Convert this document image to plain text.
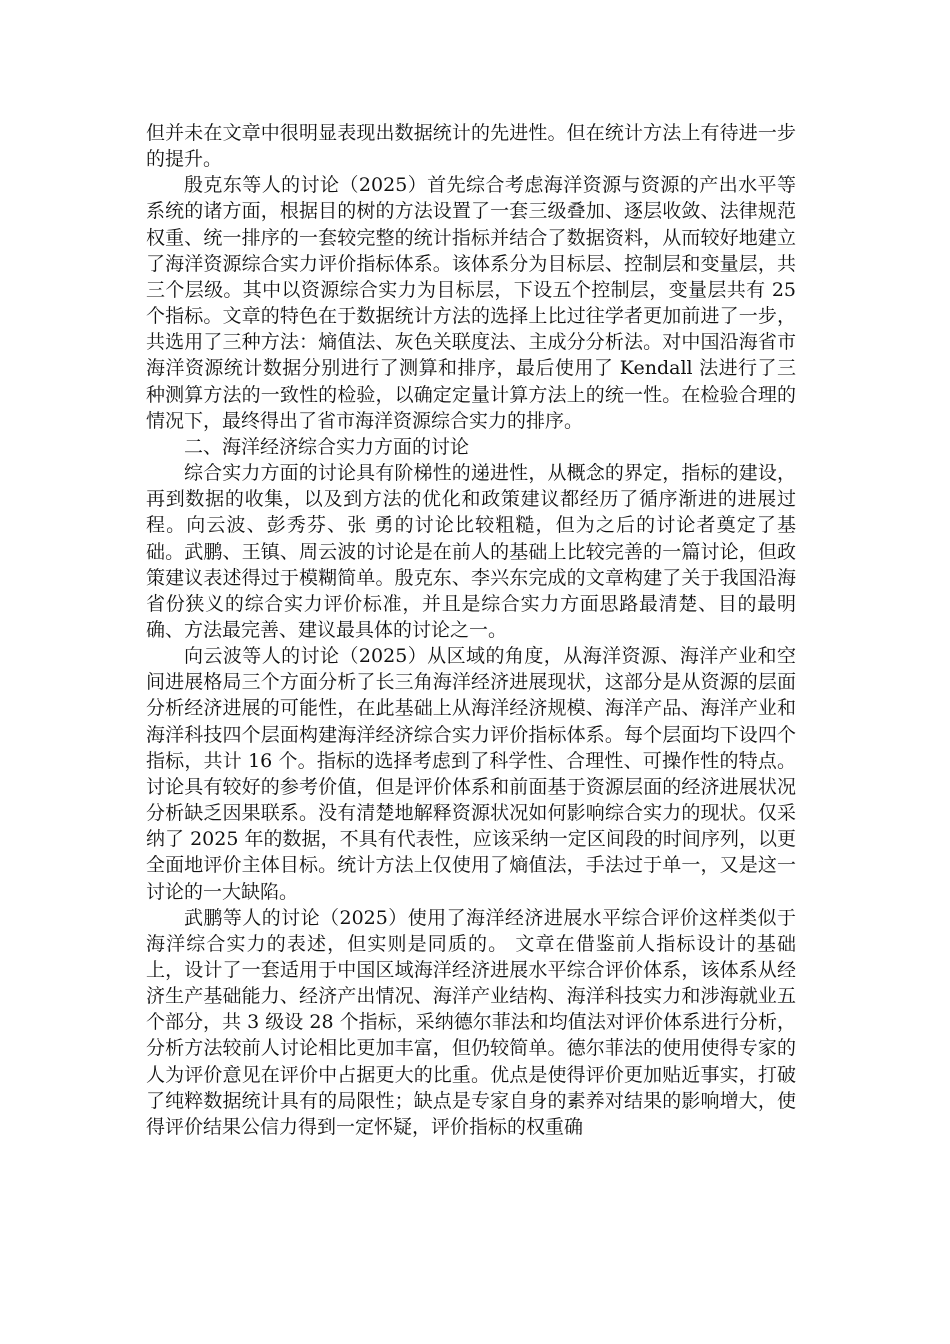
但并未在文章中很明显表现出数据统计的先进性。但在统计方法上有待进一步的提升。

殷克东等人的讨论（2025）首先综合考虑海洋资源与资源的产出水平等系统的诸方面，根据目的树的方法设置了一套三级叠加、逐层收敛、法律规范权重、统一排序的一套较完整的统计指标并结合了数据资料，从而较好地建立了海洋资源综合实力评价指标体系。该体系分为目标层、控制层和变量层，共三个层级。其中以资源综合实力为目标层，下设五个控制层，变量层共有 25 个指标。文章的特色在于数据统计方法的选择上比过往学者更加前进了一步，共选用了三种方法：熵值法、灰色关联度法、主成分分析法。对中国沿海省市海洋资源统计数据分别进行了测算和排序，最后使用了 Kendall 法进行了三种测算方法的一致性的检验，以确定定量计算方法上的统一性。在检验合理的情况下，最终得出了省市海洋资源综合实力的排序。

二、海洋经济综合实力方面的讨论

综合实力方面的讨论具有阶梯性的递进性，从概念的界定，指标的建设，再到数据的收集，以及到方法的优化和政策建议都经历了循序渐进的进展过程。向云波、彭秀芬、张 勇的讨论比较粗糙，但为之后的讨论者奠定了基础。武鹏、王镇、周云波的讨论是在前人的基础上比较完善的一篇讨论，但政策建议表述得过于模糊简单。殷克东、李兴东完成的文章构建了关于我国沿海省份狭义的综合实力评价标准，并且是综合实力方面思路最清楚、目的最明确、方法最完善、建议最具体的讨论之一。

向云波等人的讨论（2025）从区域的角度，从海洋资源、海洋产业和空间进展格局三个方面分析了长三角海洋经济进展现状，这部分是从资源的层面分析经济进展的可能性，在此基础上从海洋经济规模、海洋产品、海洋产业和海洋科技四个层面构建海洋经济综合实力评价指标体系。每个层面均下设四个指标，共计 16 个。指标的选择考虑到了科学性、合理性、可操作性的特点。讨论具有较好的参考价值，但是评价体系和前面基于资源层面的经济进展状况分析缺乏因果联系。没有清楚地解释资源状况如何影响综合实力的现状。仅采纳了 2025 年的数据，不具有代表性，应该采纳一定区间段的时间序列，以更全面地评价主体目标。统计方法上仅使用了熵值法，手法过于单一，又是这一讨论的一大缺陷。

武鹏等人的讨论（2025）使用了海洋经济进展水平综合评价这样类似于海洋综合实力的表述，但实则是同质的。 文章在借鉴前人指标设计的基础上，设计了一套适用于中国区域海洋经济进展水平综合评价体系，该体系从经济生产基础能力、经济产出情况、海洋产业结构、海洋科技实力和涉海就业五个部分，共 3 级设 28 个指标，采纳德尔菲法和均值法对评价体系进行分析，分析方法较前人讨论相比更加丰富，但仍较简单。德尔菲法的使用使得专家的人为评价意见在评价中占据更大的比重。优点是使得评价更加贴近事实，打破了纯粹数据统计具有的局限性；缺点是专家自身的素养对结果的影响增大，使得评价结果公信力得到一定怀疑，评价指标的权重确
